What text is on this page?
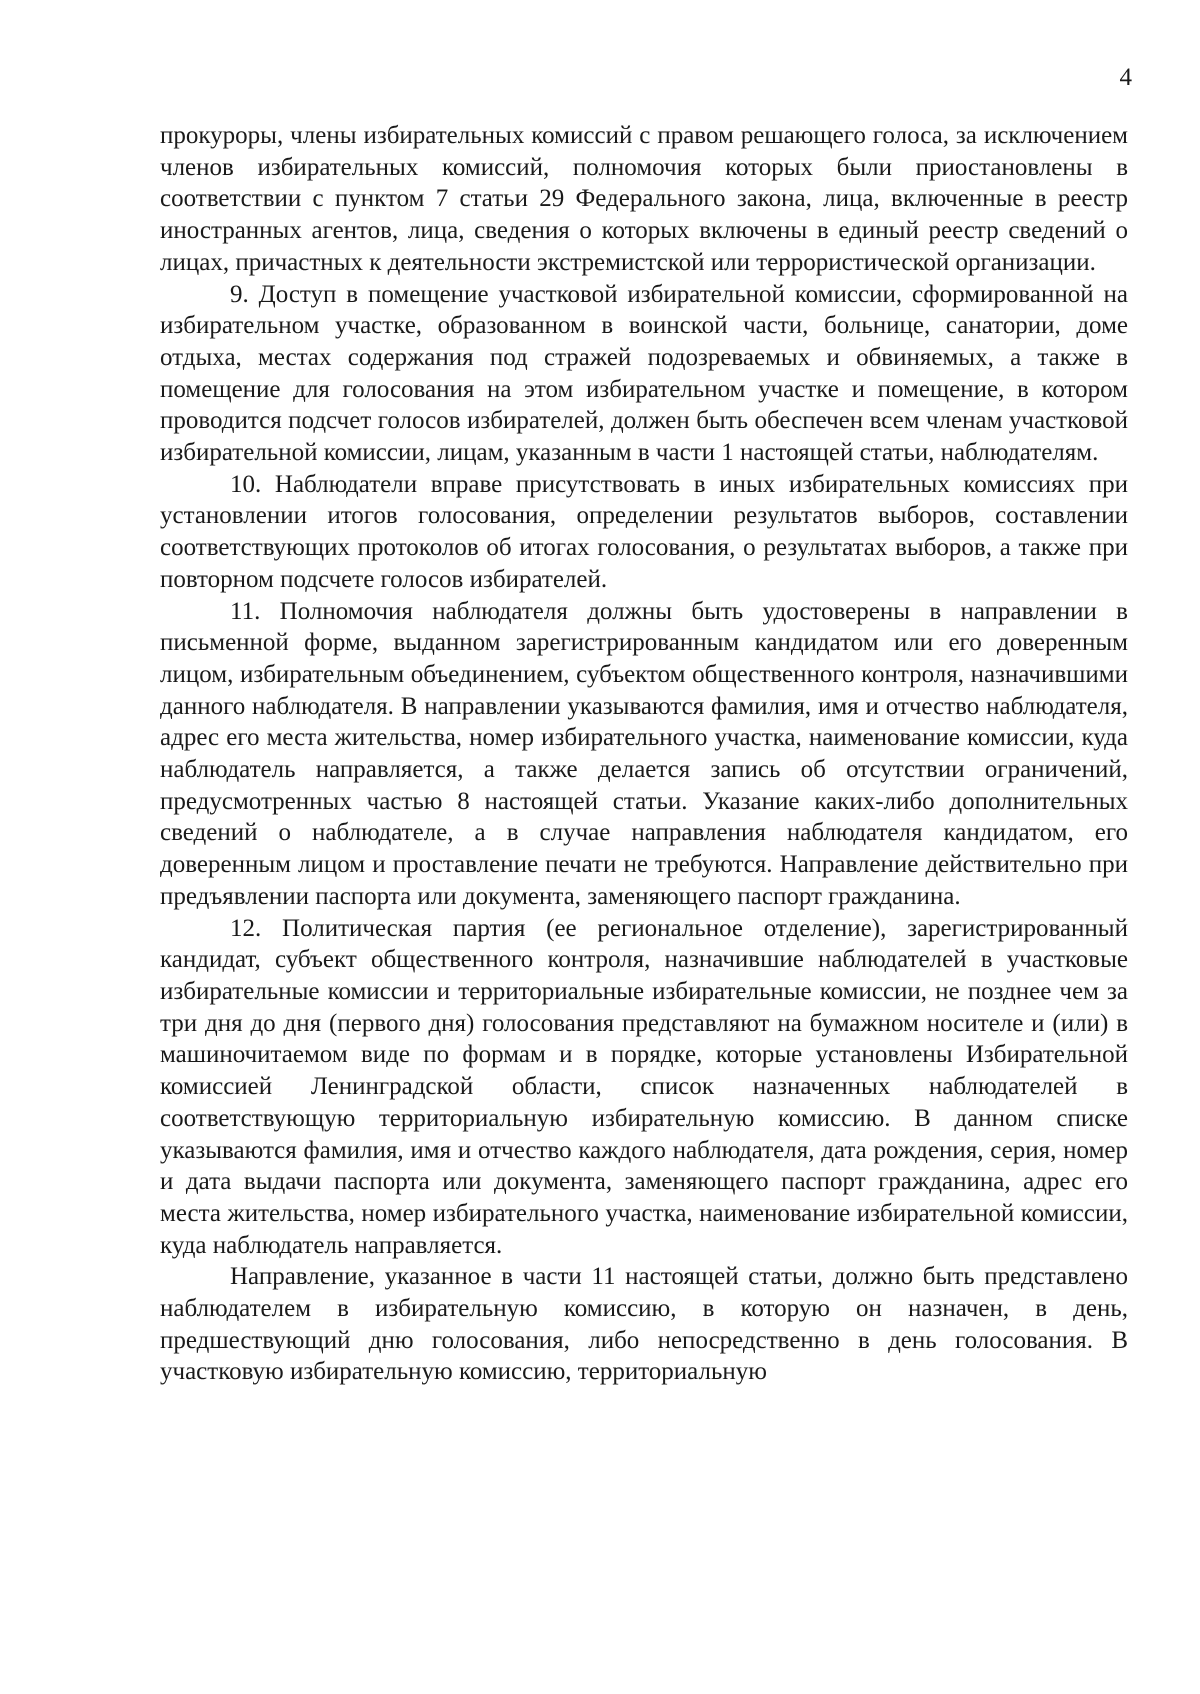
4

прокуроры, члены избирательных комиссий с правом решающего голоса, за исключением членов избирательных комиссий, полномочия которых были приостановлены в соответствии с пунктом 7 статьи 29 Федерального закона, лица, включенные в реестр иностранных агентов, лица, сведения о которых включены в единый реестр сведений о лицах, причастных к деятельности экстремистской или террористической организации.

9. Доступ в помещение участковой избирательной комиссии, сформированной на избирательном участке, образованном в воинской части, больнице, санатории, доме отдыха, местах содержания под стражей подозреваемых и обвиняемых, а также в помещение для голосования на этом избирательном участке и помещение, в котором проводится подсчет голосов избирателей, должен быть обеспечен всем членам участковой избирательной комиссии, лицам, указанным в части 1 настоящей статьи, наблюдателям.

10. Наблюдатели вправе присутствовать в иных избирательных комиссиях при установлении итогов голосования, определении результатов выборов, составлении соответствующих протоколов об итогах голосования, о результатах выборов, а также при повторном подсчете голосов избирателей.

11. Полномочия наблюдателя должны быть удостоверены в направлении в письменной форме, выданном зарегистрированным кандидатом или его доверенным лицом, избирательным объединением, субъектом общественного контроля, назначившими данного наблюдателя. В направлении указываются фамилия, имя и отчество наблюдателя, адрес его места жительства, номер избирательного участка, наименование комиссии, куда наблюдатель направляется, а также делается запись об отсутствии ограничений, предусмотренных частью 8 настоящей статьи. Указание каких-либо дополнительных сведений о наблюдателе, а в случае направления наблюдателя кандидатом, его доверенным лицом и проставление печати не требуются. Направление действительно при предъявлении паспорта или документа, заменяющего паспорт гражданина.

12. Политическая партия (ее региональное отделение), зарегистрированный кандидат, субъект общественного контроля, назначившие наблюдателей в участковые избирательные комиссии и территориальные избирательные комиссии, не позднее чем за три дня до дня (первого дня) голосования представляют на бумажном носителе и (или) в машиночитаемом виде по формам и в порядке, которые установлены Избирательной комиссией Ленинградской области, список назначенных наблюдателей в соответствующую территориальную избирательную комиссию. В данном списке указываются фамилия, имя и отчество каждого наблюдателя, дата рождения, серия, номер и дата выдачи паспорта или документа, заменяющего паспорт гражданина, адрес его места жительства, номер избирательного участка, наименование избирательной комиссии, куда наблюдатель направляется.

Направление, указанное в части 11 настоящей статьи, должно быть представлено наблюдателем в избирательную комиссию, в которую он назначен, в день, предшествующий дню голосования, либо непосредственно в день голосования. В участковую избирательную комиссию, территориальную
